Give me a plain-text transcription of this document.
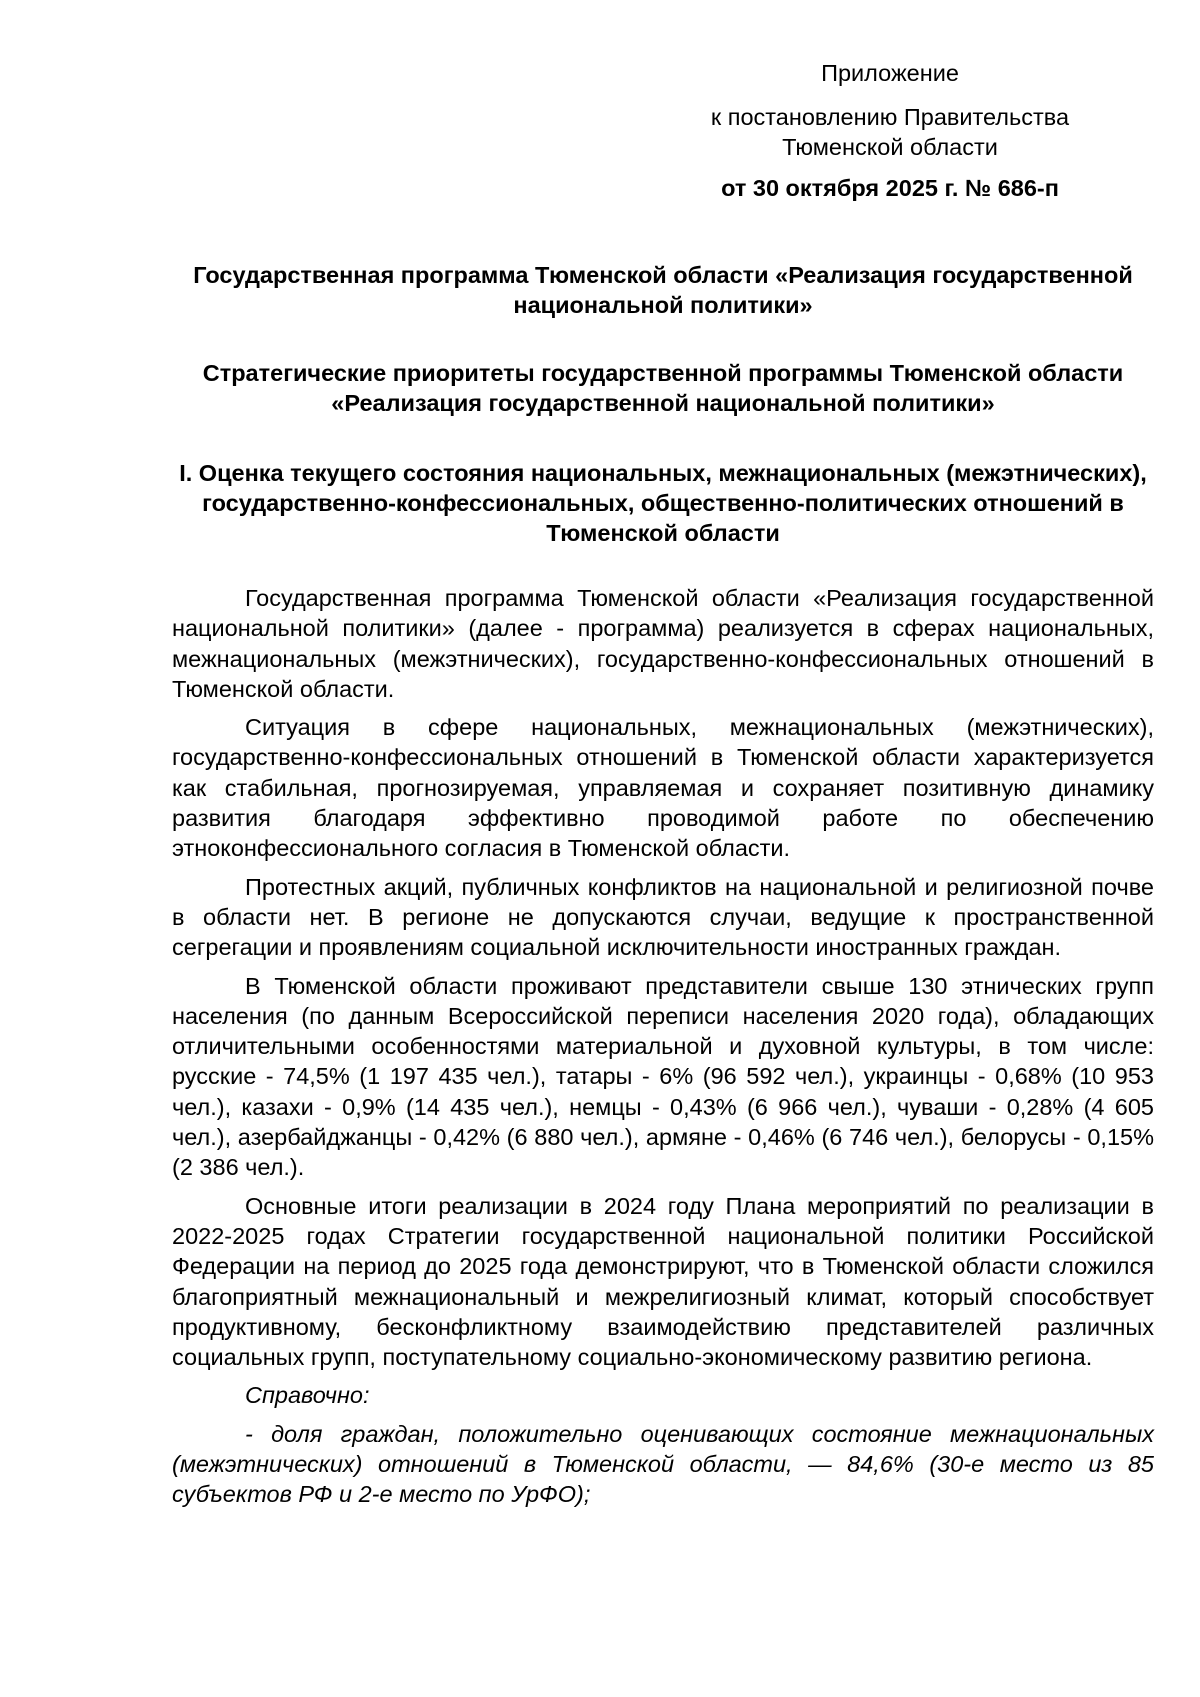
Приложение

к постановлению Правительства

Тюменской области

от 30 октября 2025 г. № 686-п

Государственная программа Тюменской области «Реализация государственной национальной политики»

Стратегические приоритеты государственной программы Тюменской области «Реализация государственной национальной политики»

I. Оценка текущего состояния национальных, межнациональных (межэтнических), государственно-конфессиональных, общественно-политических отношений в Тюменской области

Государственная программа Тюменской области «Реализация государственной национальной политики» (далее - программа) реализуется в сферах национальных, межнациональных (межэтнических), государственно-конфессиональных отношений в Тюменской области.

Ситуация в сфере национальных, межнациональных (межэтнических), государственно-конфессиональных отношений в Тюменской области характеризуется как стабильная, прогнозируемая, управляемая и сохраняет позитивную динамику развития благодаря эффективно проводимой работе по обеспечению этноконфессионального согласия в Тюменской области.

Протестных акций, публичных конфликтов на национальной и религиозной почве в области нет. В регионе не допускаются случаи, ведущие к пространственной сегрегации и проявлениям социальной исключительности иностранных граждан.

В Тюменской области проживают представители свыше 130 этнических групп населения (по данным Всероссийской переписи населения 2020 года), обладающих отличительными особенностями материальной и духовной культуры, в том числе: русские - 74,5% (1 197 435 чел.), татары - 6% (96 592 чел.), украинцы - 0,68% (10 953 чел.), казахи - 0,9% (14 435 чел.), немцы - 0,43% (6 966 чел.), чуваши - 0,28% (4 605 чел.), азербайджанцы - 0,42% (6 880 чел.), армяне - 0,46% (6 746 чел.), белорусы - 0,15% (2 386 чел.).

Основные итоги реализации в 2024 году Плана мероприятий по реализации в 2022-2025 годах Стратегии государственной национальной политики Российской Федерации на период до 2025 года демонстрируют, что в Тюменской области сложился благоприятный межнациональный и межрелигиозный климат, который способствует продуктивному, бесконфликтному взаимодействию представителей различных социальных групп, поступательному социально-экономическому развитию региона.

Справочно:

- доля граждан, положительно оценивающих состояние межнациональных (межэтнических) отношений в Тюменской области, — 84,6% (30-е место из 85 субъектов РФ и 2-е место по УрФО);
